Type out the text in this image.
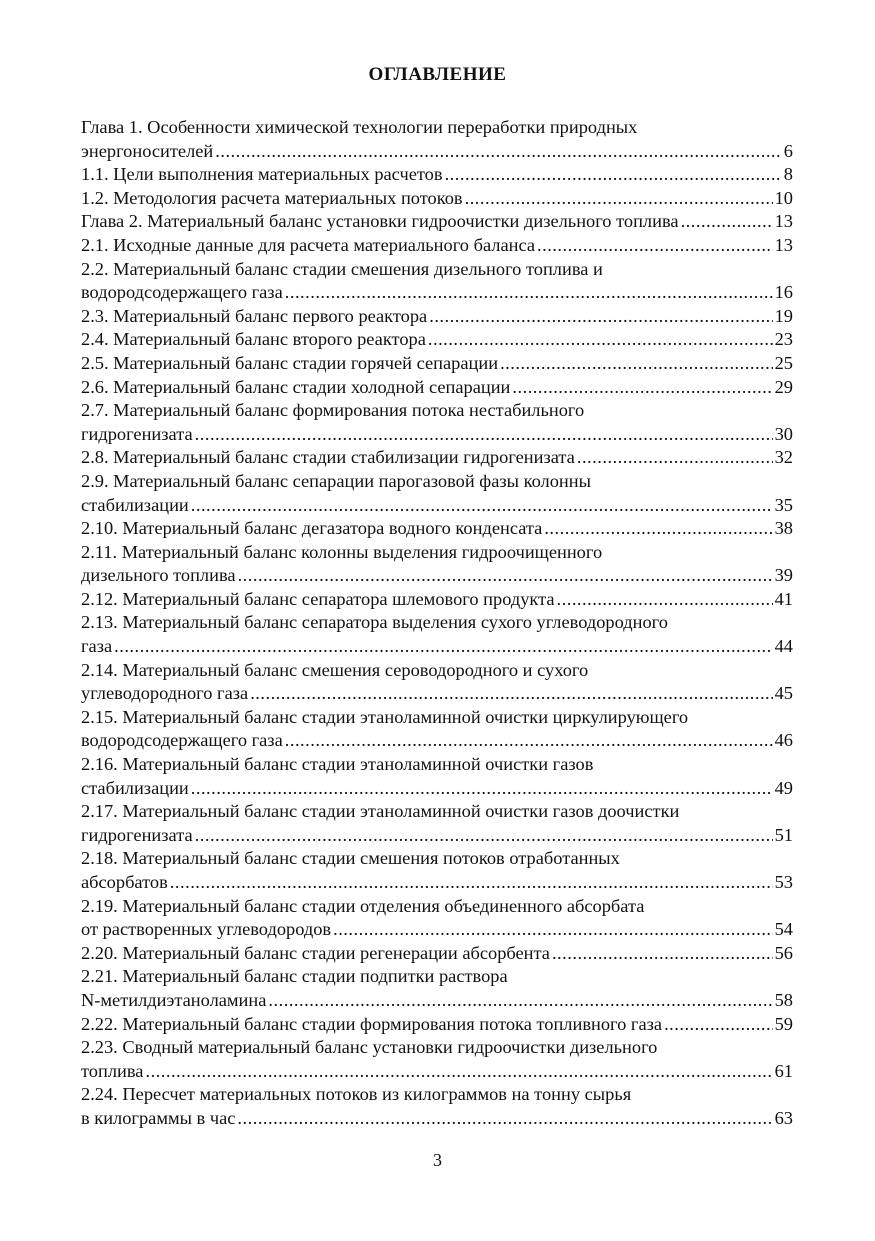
ОГЛАВЛЕНИЕ
Глава 1. Особенности химической технологии переработки природных
энергоносителей .....	6
1.1. Цели выполнения материальных расчетов .....	8
1.2. Методология расчета материальных потоков .....	10
Глава 2. Материальный баланс установки гидроочистки дизельного топлива .....	13
2.1. Исходные данные для расчета материального баланса .....	13
2.2. Материальный баланс стадии смешения дизельного топлива и
водородсодержащего газа .....	16
2.3. Материальный баланс первого реактора .....	19
2.4. Материальный баланс второго реактора .....	23
2.5. Материальный баланс стадии горячей сепарации .....	25
2.6. Материальный баланс стадии холодной сепарации .....	29
2.7. Материальный баланс формирования потока нестабильного
гидрогенизата .....	30
2.8. Материальный баланс стадии стабилизации гидрогенизата .....	32
2.9. Материальный баланс сепарации парогазовой фазы колонны
стабилизации .....	35
2.10. Материальный баланс дегазатора водного конденсата .....	38
2.11. Материальный баланс колонны выделения гидроочищенного
дизельного топлива .....	39
2.12. Материальный баланс сепаратора шлемового продукта .....	41
2.13. Материальный баланс сепаратора выделения сухого углеводородного
газа .....	44
2.14. Материальный баланс смешения сероводородного и сухого
углеводородного газа .....	45
2.15. Материальный баланс стадии этаноламинной очистки циркулирующего
водородсодержащего газа .....	46
2.16. Материальный баланс стадии этаноламинной очистки газов
стабилизации .....	49
2.17. Материальный баланс стадии этаноламинной очистки газов доочистки
гидрогенизата .....	51
2.18. Материальный баланс стадии смешения потоков отработанных
абсорбатов .....	53
2.19. Материальный баланс стадии отделения объединенного абсорбата
от растворенных углеводородов .....	54
2.20. Материальный баланс стадии регенерации абсорбента .....	56
2.21. Материальный баланс стадии подпитки раствора
N-метилдиэтаноламина .....	58
2.22. Материальный баланс стадии формирования потока топливного газа .....	59
2.23. Сводный материальный баланс установки гидроочистки дизельного
топлива .....	61
2.24. Пересчет материальных потоков из килограммов на тонну сырья
в килограммы в час .....	63
3
